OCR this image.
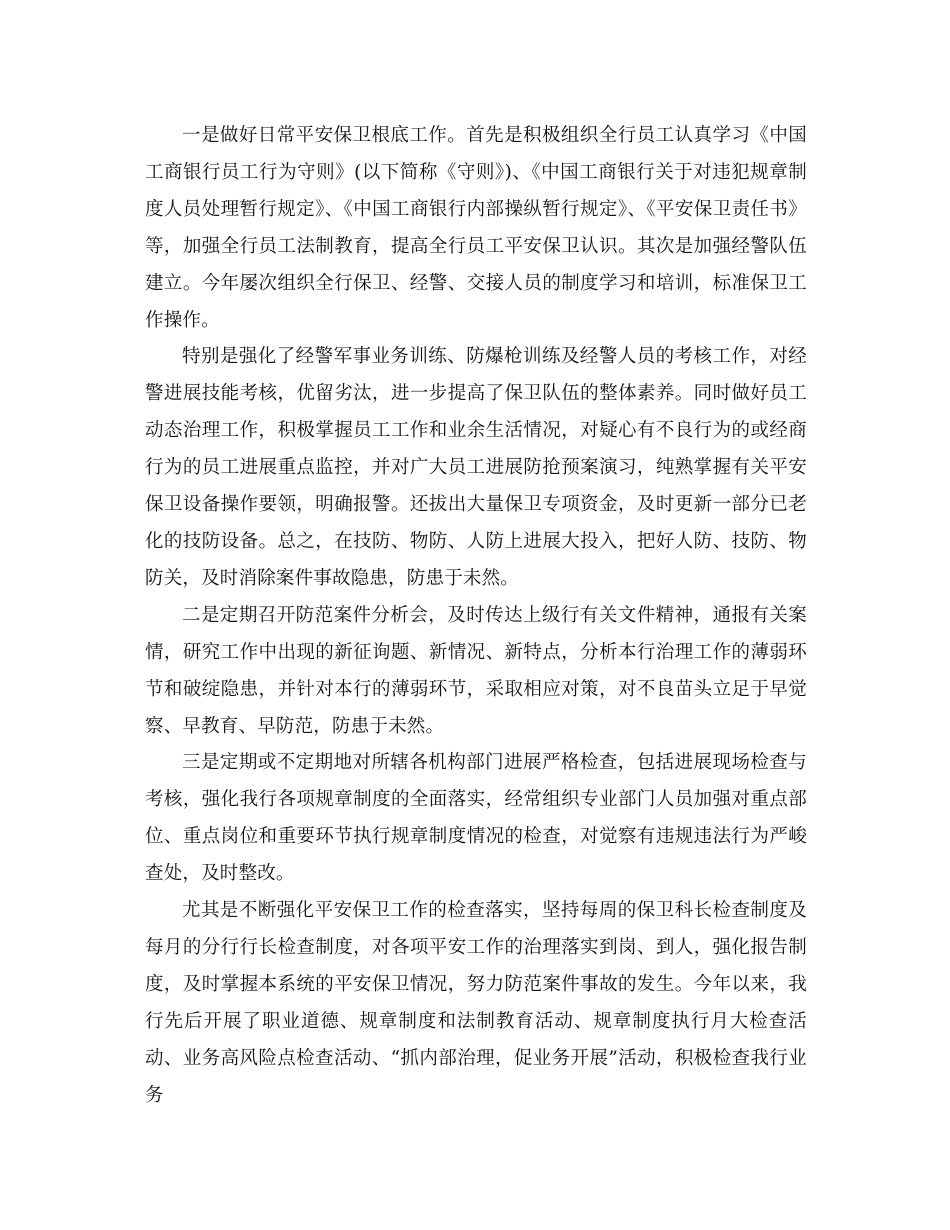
一是做好日常平安保卫根底工作。首先是积极组织全行员工认真学习《中国工商银行员工行为守则》(以下简称《守则》)、《中国工商银行关于对违犯规章制度人员处理暂行规定》、《中国工商银行内部操纵暂行规定》、《平安保卫责任书》等，加强全行员工法制教育，提高全行员工平安保卫认识。其次是加强经警队伍建立。今年屡次组织全行保卫、经警、交接人员的制度学习和培训，标准保卫工作操作。

特别是强化了经警军事业务训练、防爆枪训练及经警人员的考核工作，对经警进展技能考核，优留劣汰，进一步提高了保卫队伍的整体素养。同时做好员工动态治理工作，积极掌握员工工作和业余生活情况，对疑心有不良行为的或经商行为的员工进展重点监控，并对广大员工进展防抢预案演习，纯熟掌握有关平安保卫设备操作要领，明确报警。还拔出大量保卫专项资金，及时更新一部分已老化的技防设备。总之，在技防、物防、人防上进展大投入，把好人防、技防、物防关，及时消除案件事故隐患，防患于未然。

二是定期召开防范案件分析会，及时传达上级行有关文件精神，通报有关案情，研究工作中出现的新征询题、新情况、新特点，分析本行治理工作的薄弱环节和破绽隐患，并针对本行的薄弱环节，采取相应对策，对不良苗头立足于早觉察、早教育、早防范，防患于未然。

三是定期或不定期地对所辖各机构部门进展严格检查，包括进展现场检查与考核，强化我行各项规章制度的全面落实，经常组织专业部门人员加强对重点部位、重点岗位和重要环节执行规章制度情况的检查，对觉察有违规违法行为严峻查处，及时整改。

尤其是不断强化平安保卫工作的检查落实，坚持每周的保卫科长检查制度及每月的分行行长检查制度，对各项平安工作的治理落实到岗、到人，强化报告制度，及时掌握本系统的平安保卫情况，努力防范案件事故的发生。今年以来，我行先后开展了职业道德、规章制度和法制教育活动、规章制度执行月大检查活动、业务高风险点检查活动、“抓内部治理，促业务开展”活动，积极检查我行业务
